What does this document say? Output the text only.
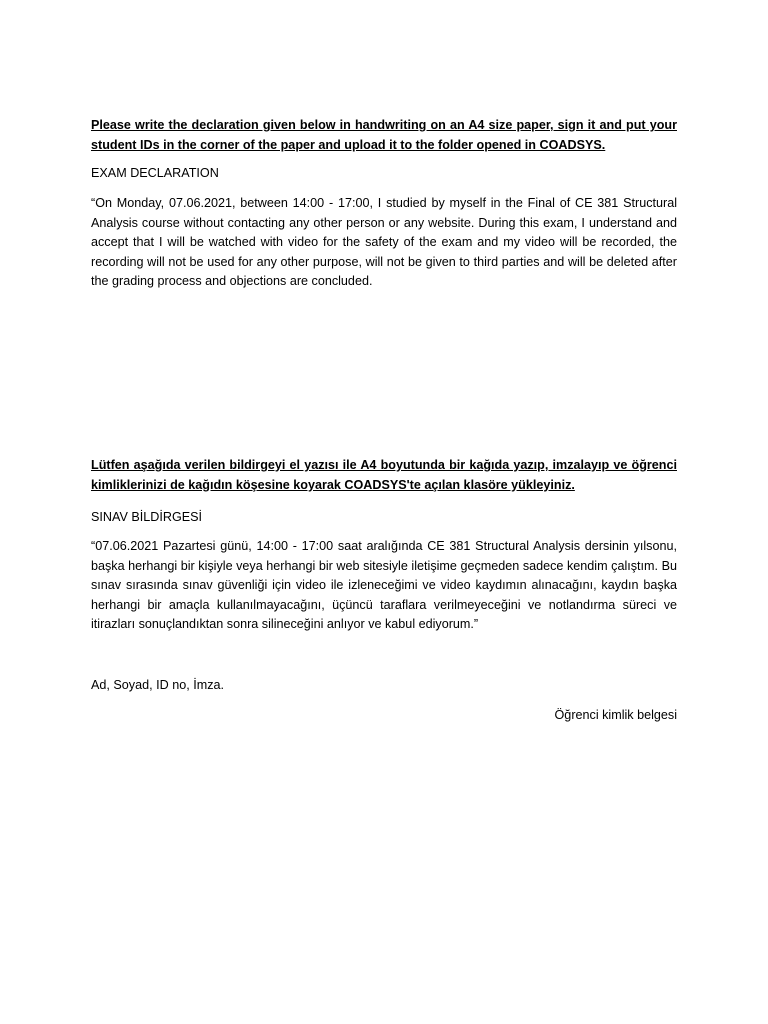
Please write the declaration given below in handwriting on an A4 size paper, sign it and put your student IDs in the corner of the paper and upload it to the folder opened in COADSYS.
EXAM DECLARATION
“On Monday, 07.06.2021, between 14:00 - 17:00, I studied by myself in the Final of CE 381 Structural Analysis course without contacting any other person or any website. During this exam, I understand and accept that I will be watched with video for the safety of the exam and my video will be recorded, the recording will not be used for any other purpose, will not be given to third parties and will be deleted after the grading process and objections are concluded.
Lütfen aşağıda verilen bildirgeyi el yazısı ile A4 boyutunda bir kağıda yazıp, imzalayıp ve öğrenci kimliklerinizi de kağıdın köşesine koyarak COADSYS'te açılan klasöre yükleyiniz.
SINAV BİLDİRGESİ
“07.06.2021 Pazartesi günü, 14:00 - 17:00 saat aralığında CE 381 Structural Analysis dersinin yılsonu, başka herhangi bir kişiyle veya herhangi bir web sitesiyle iletişime geçmeden sadece kendim çalıştım. Bu sınav sırasında sınav güvenliği için video ile izleneceğimi ve video kaydımın alınacağını, kaydın başka herhangi bir amaçla kullanılmayacağını, üçüncü taraflara verilmeyeceğini ve notlandırma süreci ve itirazları sonuçlandıktan sonra silineceğini anlıyor ve kabul ediyorum.”
Ad, Soyad, ID no, İmza.
Öğrenci kimlik belgesi
